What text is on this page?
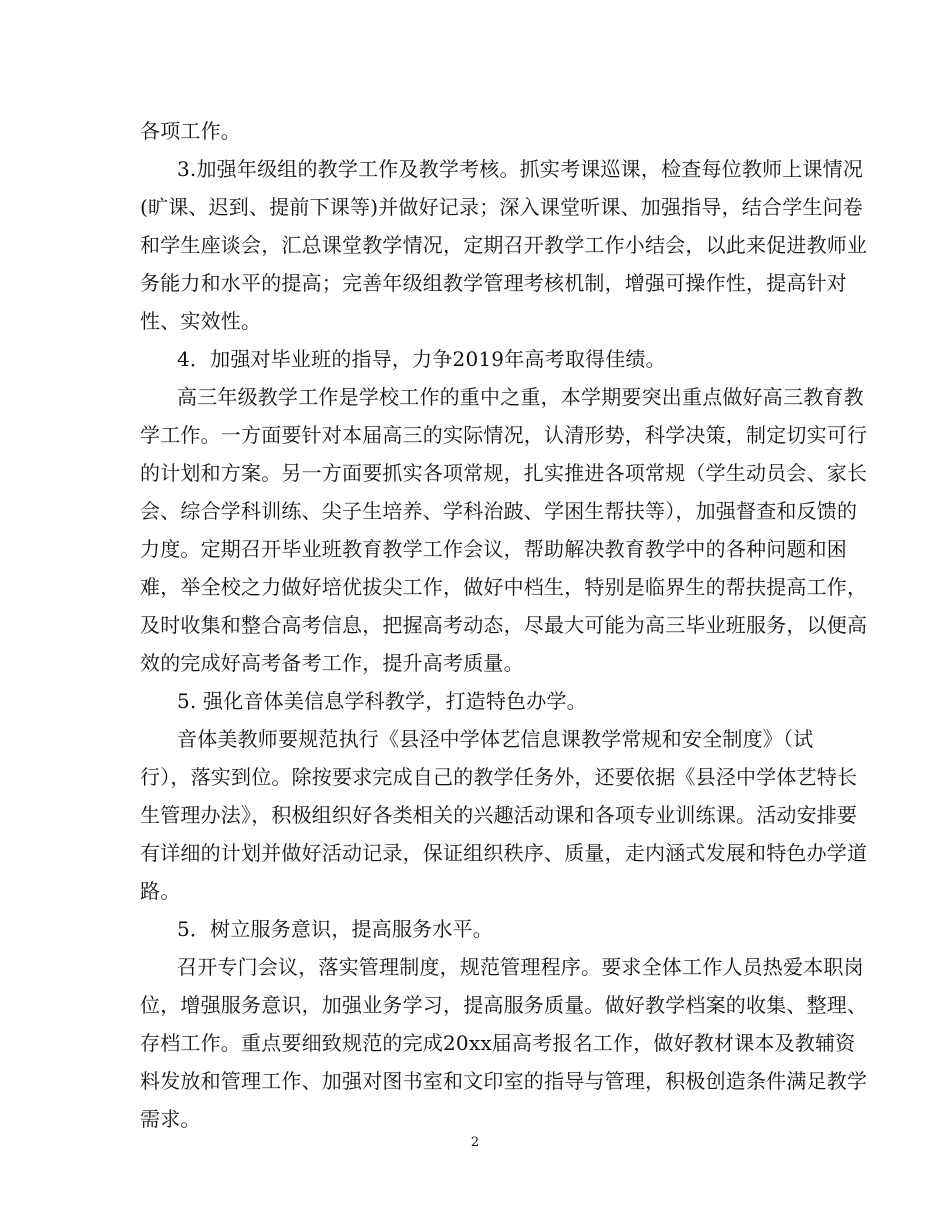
各项工作。
3.加强年级组的教学工作及教学考核。抓实考课巡课，检查每位教师上课情况
(旷课、迟到、提前下课等)并做好记录；深入课堂听课、加强指导，结合学生问卷
和学生座谈会，汇总课堂教学情况，定期召开教学工作小结会，以此来促进教师业
务能力和水平的提高；完善年级组教学管理考核机制，增强可操作性，提高针对
性、实效性。
4．加强对毕业班的指导，力争2019年高考取得佳绩。
高三年级教学工作是学校工作的重中之重，本学期要突出重点做好高三教育教
学工作。一方面要针对本届高三的实际情况，认清形势，科学决策，制定切实可行
的计划和方案。另一方面要抓实各项常规，扎实推进各项常规（学生动员会、家长
会、综合学科训练、尖子生培养、学科治跛、学困生帮扶等），加强督查和反馈的
力度。定期召开毕业班教育教学工作会议，帮助解决教育教学中的各种问题和困
难，举全校之力做好培优拔尖工作，做好中档生，特别是临界生的帮扶提高工作，
及时收集和整合高考信息，把握高考动态，尽最大可能为高三毕业班服务，以便高
效的完成好高考备考工作，提升高考质量。
5. 强化音体美信息学科教学，打造特色办学。
音体美教师要规范执行《县泾中学体艺信息课教学常规和安全制度》（试
行），落实到位。除按要求完成自己的教学任务外，还要依据《县泾中学体艺特长
生管理办法》，积极组织好各类相关的兴趣活动课和各项专业训练课。活动安排要
有详细的计划并做好活动记录，保证组织秩序、质量，走内涵式发展和特色办学道
路。
5．树立服务意识，提高服务水平。
召开专门会议，落实管理制度，规范管理程序。要求全体工作人员热爱本职岗
位，增强服务意识，加强业务学习，提高服务质量。做好教学档案的收集、整理、
存档工作。重点要细致规范的完成20xx届高考报名工作，做好教材课本及教辅资
料发放和管理工作、加强对图书室和文印室的指导与管理，积极创造条件满足教学
需求。
2
